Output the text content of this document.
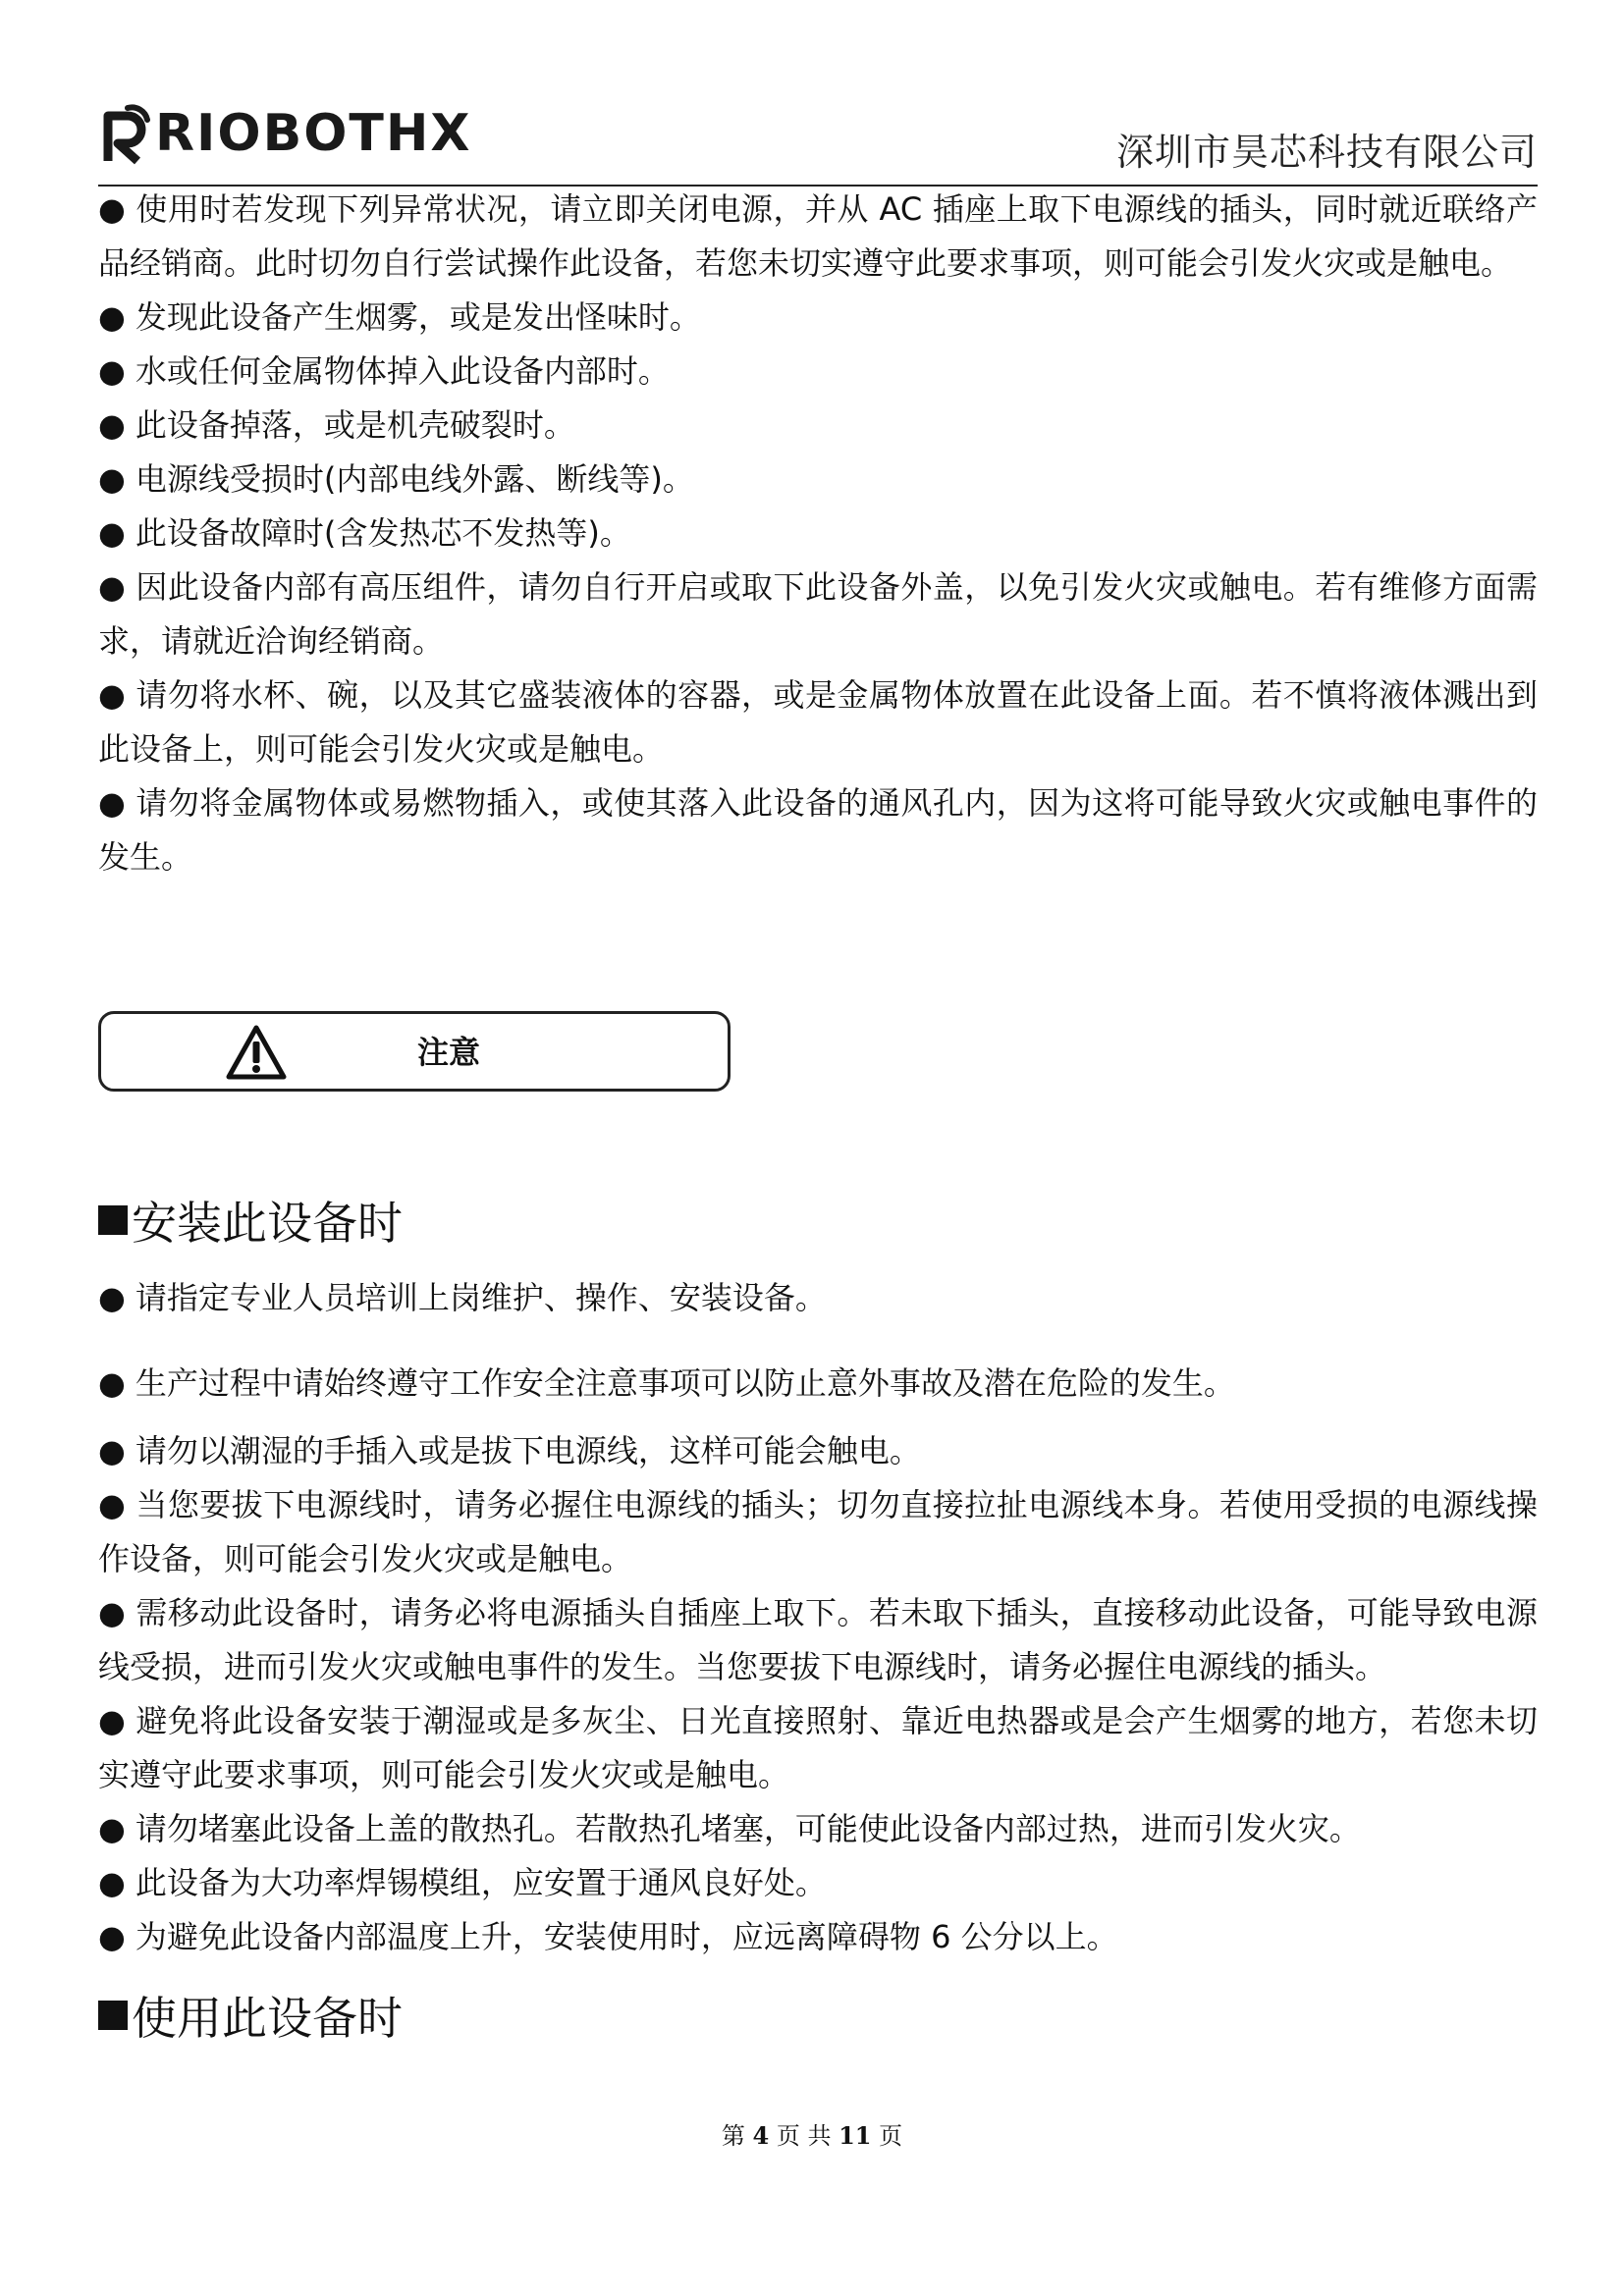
RIOBOTHX	深圳市昊芯科技有限公司

● 使用时若发现下列异常状况，请立即关闭电源，并从 AC 插座上取下电源线的插头，同时就近联络产品经销商。此时切勿自行尝试操作此设备，若您未切实遵守此要求事项，则可能会引发火灾或是触电。

● 发现此设备产生烟雾，或是发出怪味时。

● 水或任何金属物体掉入此设备内部时。

● 此设备掉落，或是机壳破裂时。

● 电源线受损时(内部电线外露、断线等)。

● 此设备故障时(含发热芯不发热等)。

● 因此设备内部有高压组件，请勿自行开启或取下此设备外盖，以免引发火灾或触电。若有维修方面需求，请就近洽询经销商。

● 请勿将水杯、碗，以及其它盛装液体的容器，或是金属物体放置在此设备上面。若不慎将液体溅出到此设备上，则可能会引发火灾或是触电。

● 请勿将金属物体或易燃物插入，或使其落入此设备的通风孔内，因为这将可能导致火灾或触电事件的发生。

注意
安装此设备时

● 请指定专业人员培训上岗维护、操作、安装设备。

● 生产过程中请始终遵守工作安全注意事项可以防止意外事故及潜在危险的发生。

● 请勿以潮湿的手插入或是拔下电源线，这样可能会触电。

● 当您要拔下电源线时，请务必握住电源线的插头；切勿直接拉扯电源线本身。若使用受损的电源线操作设备，则可能会引发火灾或是触电。

● 需移动此设备时，请务必将电源插头自插座上取下。若未取下插头，直接移动此设备，可能导致电源线受损，进而引发火灾或触电事件的发生。当您要拔下电源线时，请务必握住电源线的插头。

● 避免将此设备安装于潮湿或是多灰尘、日光直接照射、靠近电热器或是会产生烟雾的地方，若您未切实遵守此要求事项，则可能会引发火灾或是触电。

● 请勿堵塞此设备上盖的散热孔。若散热孔堵塞，可能使此设备内部过热，进而引发火灾。

● 此设备为大功率焊锡模组，应安置于通风良好处。

● 为避免此设备内部温度上升，安装使用时，应远离障碍物 6 公分以上。

使用此设备时
第 4 页 共 11 页
